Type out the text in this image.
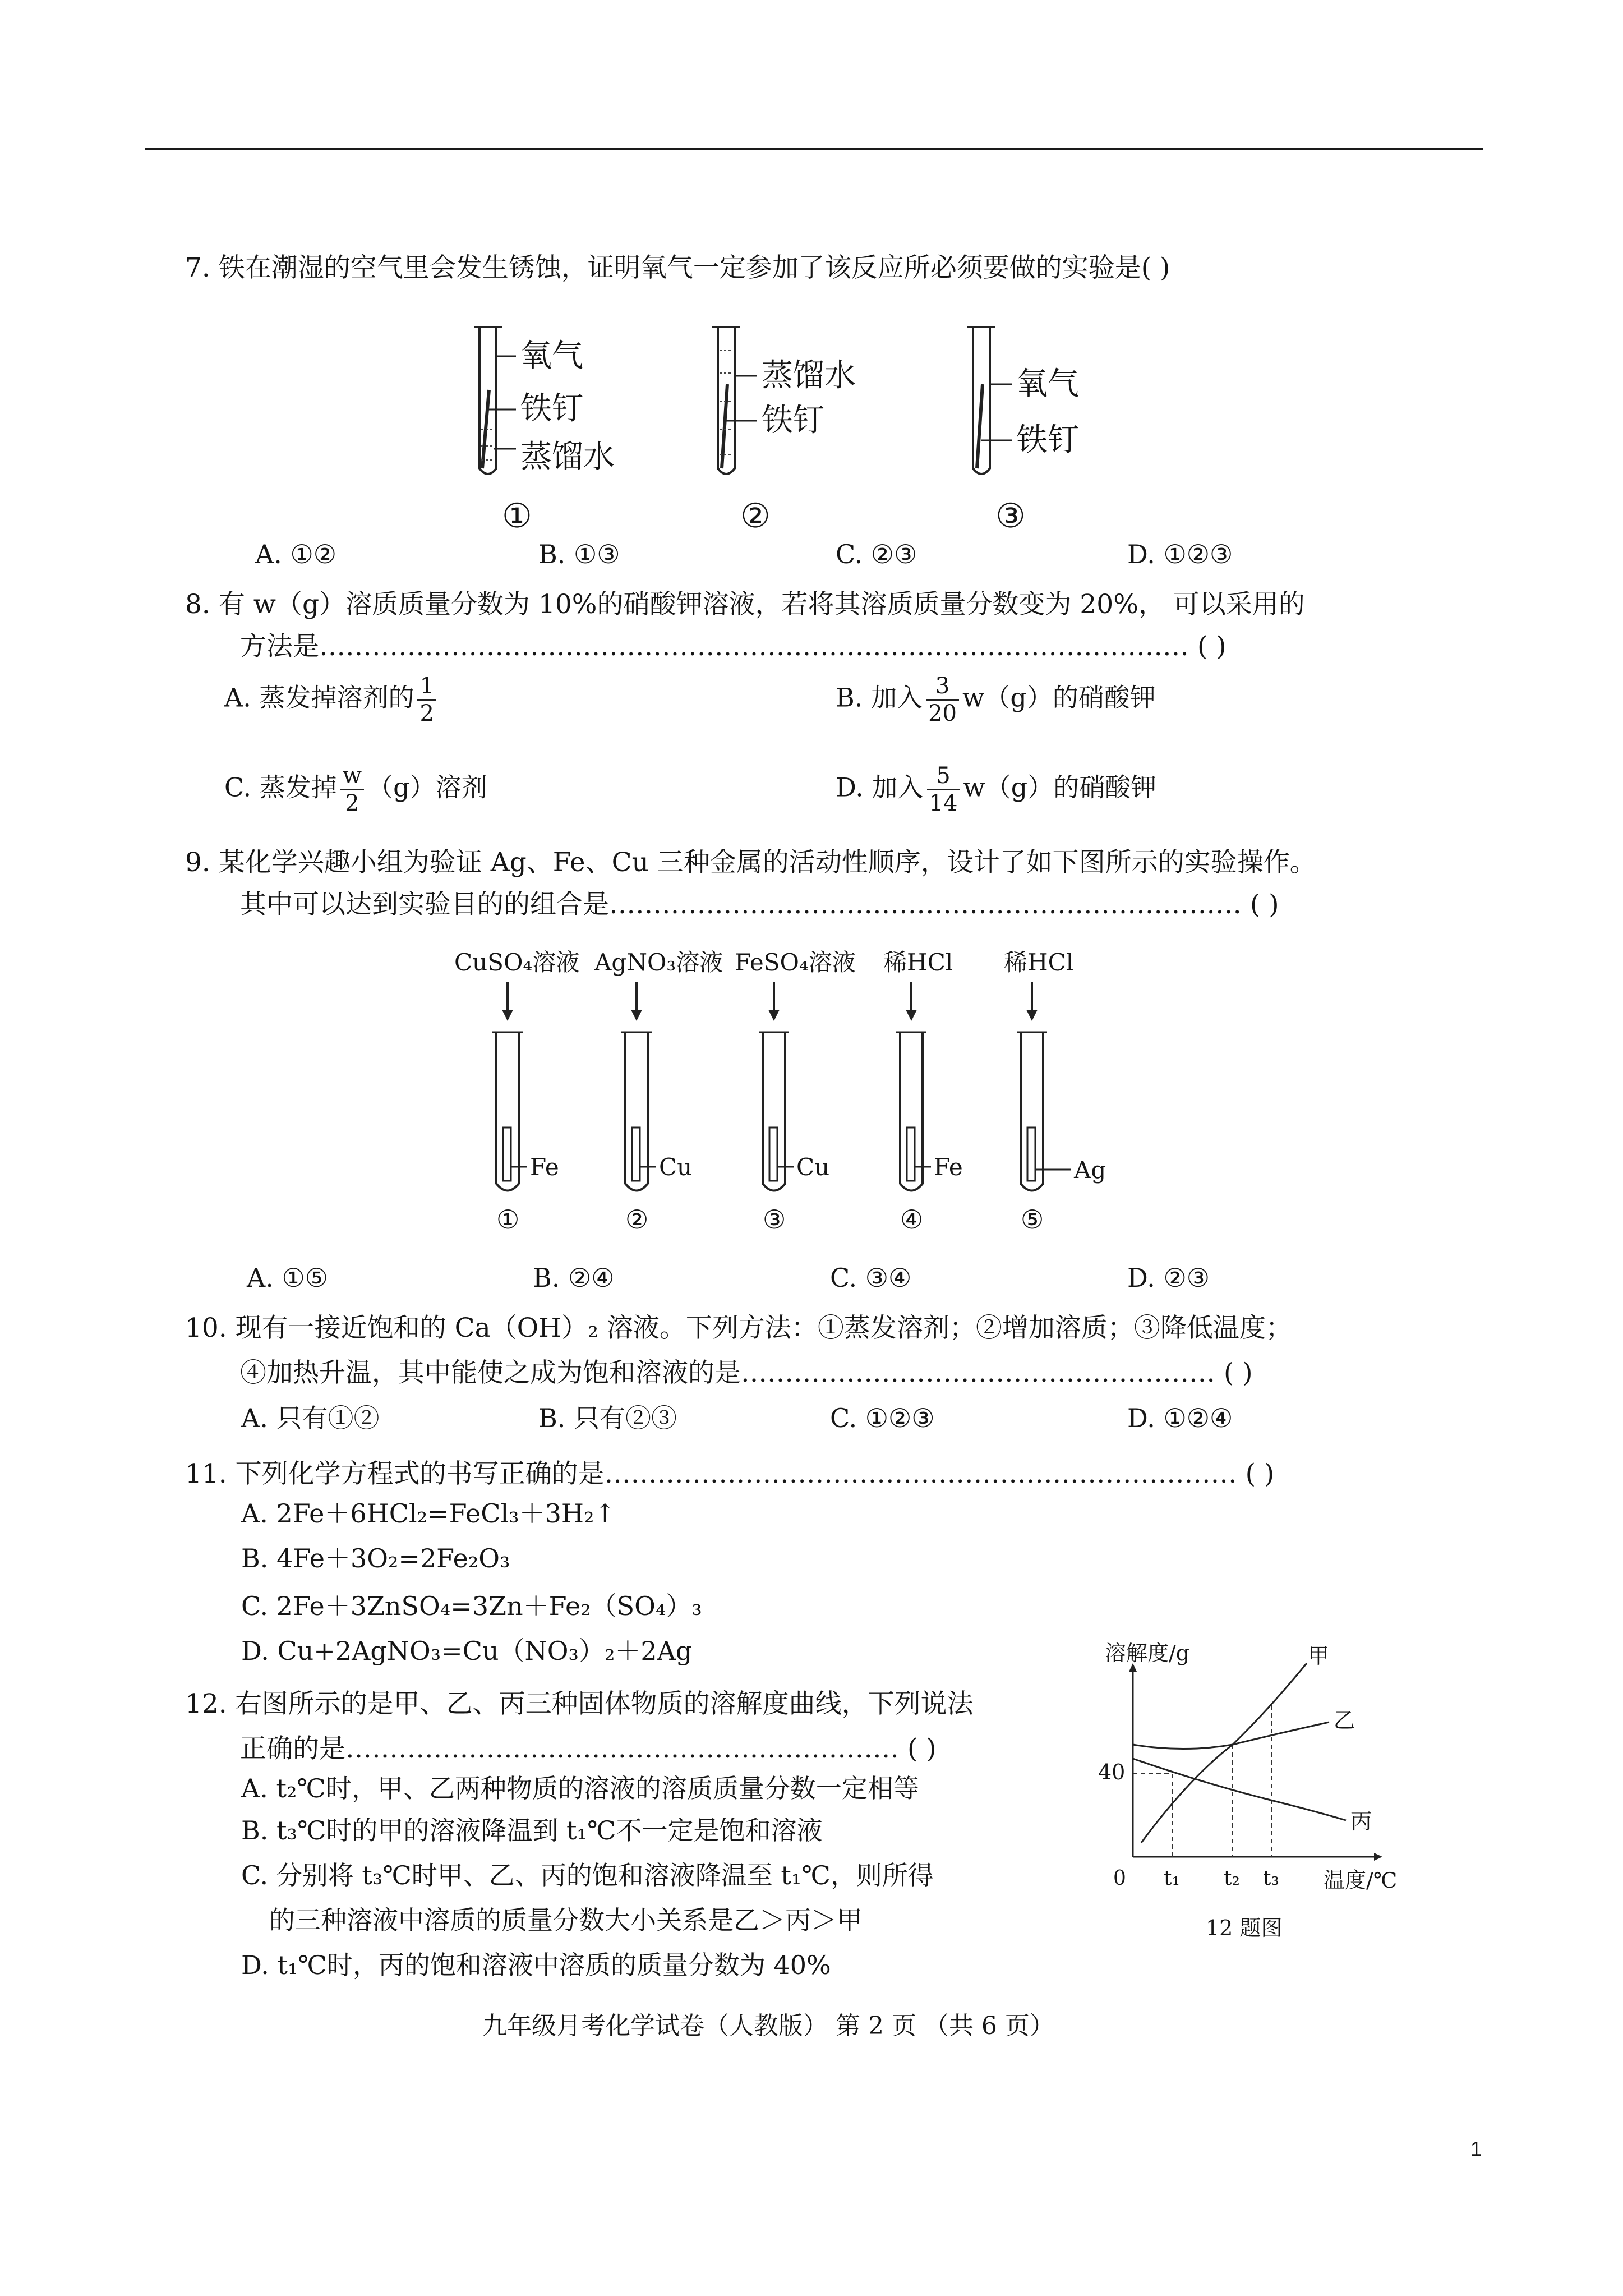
7. 铁在潮湿的空气里会发生锈蚀，证明氧气一定参加了该反应所必须要做的实验是( )
氧气
铁钉
蒸馏水
①
蒸馏水
铁钉
②
氧气
铁钉
③
A. ①②	B. ①③	C. ②③	D. ①②③
8. 有 w（g）溶质质量分数为 10%的硝酸钾溶液，若将其溶质质量分数变为 20%， 可以采用的
方法是……………………………………………………………………………………… ( )
A. 蒸发掉溶剂的 $\frac{1}{2}$	B. 加入 $\frac{3}{20} w(g)$的硝酸钾
C. 蒸发掉 $\frac{w}{2} (g)$溶剂	D. 加入 $\frac{5}{14} w(g)$的硝酸钾
9. 某化学兴趣小组为验证 Ag、Fe、Cu 三种金属的活动性顺序，设计了如下图所示的实验操作。
其中可以达到实验目的的组合是……………………………………………………………… ( )
CuSO₄溶液
Fe
①
AgNO₃溶液
Cu
②
FeSO₄溶液
Cu
③
稀HCl
Fe
④
稀HCl
Ag
⑤
A. ①⑤	B. ②④	C. ③④	D. ②③
10. 现有一接近饱和的 Ca（OH）₂ 溶液。下列方法：①蒸发溶剂；②增加溶质；③降低温度；
④加热升温，其中能使之成为饱和溶液的是……………………………………………… ( )
A. 只有①②	B. 只有②③	C. ①②③	D. ①②④
11. 下列化学方程式的书写正确的是……………………………………………………………… ( )
A. 2Fe＋6HCl₂=FeCl₃＋3H₂↑
B. 4Fe＋3O₂=2Fe₂O₃
C. 2Fe＋3ZnSO₄=3Zn＋Fe₂（SO₄）₃
D. Cu+2AgNO₃=Cu（NO₃）₂＋2Ag
12. 右图所示的是甲、乙、丙三种固体物质的溶解度曲线，下列说法
正确的是……………………………………………………… ( )
A. t₂℃时，甲、乙两种物质的溶液的溶质质量分数一定相等
B. t₃℃时的甲的溶液降温到 t₁℃不一定是饱和溶液
C. 分别将 t₃℃时甲、乙、丙的饱和溶液降温至 t₁℃，则所得
的三种溶液中溶质的质量分数大小关系是乙＞丙＞甲
D. t₁℃时，丙的饱和溶液中溶质的质量分数为 40%
溶解度/g
温度/℃
0
40
t₁ t₂ t₃
甲
乙
丙
12 题图
九年级月考化学试卷（人教版） 第 2 页 （共 6 页）
1
